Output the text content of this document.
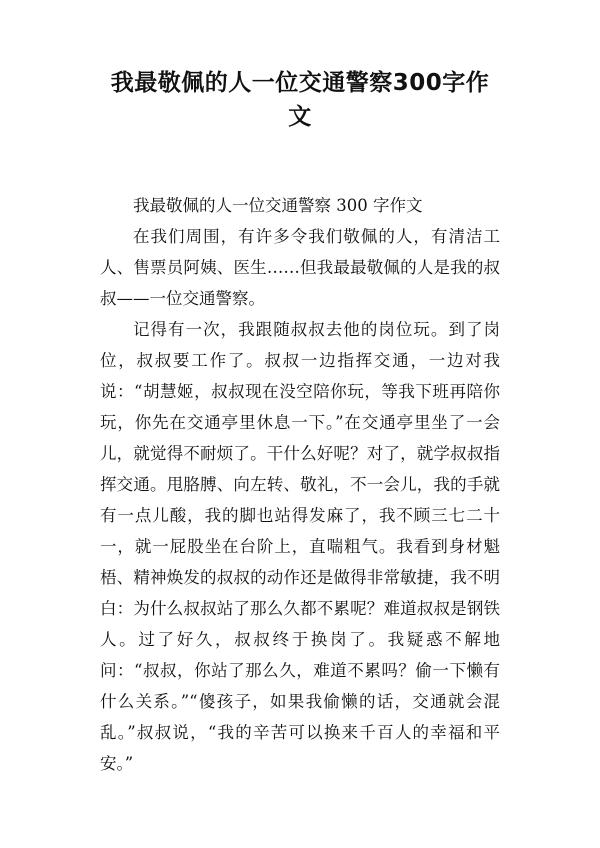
我最敬佩的人一位交通警察300字作文

我最敬佩的人一位交通警察 300 字作文

在我们周围，有许多令我们敬佩的人，有清洁工人、售票员阿姨、医生……但我最最敬佩的人是我的叔叔——一位交通警察。

记得有一次，我跟随叔叔去他的岗位玩。到了岗位，叔叔要工作了。叔叔一边指挥交通，一边对我说：“胡慧姬，叔叔现在没空陪你玩，等我下班再陪你玩，你先在交通亭里休息一下。”在交通亭里坐了一会儿，就觉得不耐烦了。干什么好呢？对了，就学叔叔指挥交通。甩胳膊、向左转、敬礼，不一会儿，我的手就有一点儿酸，我的脚也站得发麻了，我不顾三七二十一，就一屁股坐在台阶上，直喘粗气。我看到身材魁梧、精神焕发的叔叔的动作还是做得非常敏捷，我不明白：为什么叔叔站了那么久都不累呢？难道叔叔是钢铁人。过了好久，叔叔终于换岗了。我疑惑不解地问：“叔叔，你站了那么久，难道不累吗？偷一下懒有什么关系。”“傻孩子，如果我偷懒的话，交通就会混乱。”叔叔说，“我的辛苦可以换来千百人的幸福和平安。”
